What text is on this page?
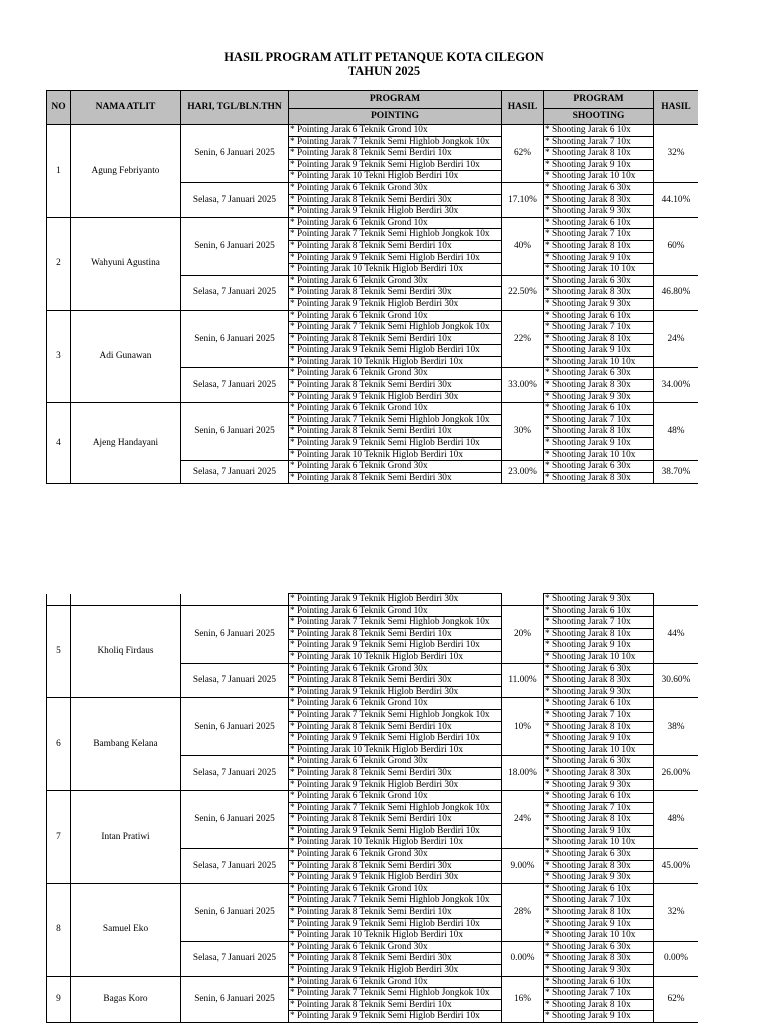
HASIL PROGRAM ATLIT PETANQUE KOTA CILEGON
TAHUN 2025
NO	NAMA ATLIT	HARI, TGL/BLN.THN	PROGRAM	HASIL	PROGRAM	HASIL
			POINTING		SHOOTING	
1	Agung Febriyanto	Senin, 6 Januari 2025	* Pointing Jarak 6 Teknik Grond 10x	62%	* Shooting Jarak 6 10x	32%
			* Pointing Jarak 7 Teknik Semi Highlob Jongkok 10x		* Shooting Jarak 7 10x	
			* Pointing Jarak 8 Teknik Semi Berdiri 10x		* Shooting Jarak 8 10x	
			* Pointing Jarak 9 Teknik Semi Higlob Berdiri 10x		* Shooting Jarak 9 10x	
			* Pointing Jarak 10 Tekni Higlob Berdiri 10x		* Shooting Jarak 10 10x	
		Selasa, 7 Januari 2025	* Pointing Jarak 6 Teknik Grond 30x	17.10%	* Shooting Jarak 6 30x	44.10%
			* Pointing Jarak 8 Teknik Semi Berdiri 30x		* Shooting Jarak 8 30x	
			* Pointing Jarak 9 Teknik Higlob Berdiri 30x		* Shooting Jarak 9 30x	
2	Wahyuni Agustina	Senin, 6 Januari 2025	* Pointing Jarak 6 Teknik Grond 10x	40%	* Shooting Jarak 6 10x	60%
			* Pointing Jarak 7 Teknik Semi Highlob Jongkok 10x		* Shooting Jarak 7 10x	
			* Pointing Jarak 8 Teknik Semi Berdiri 10x		* Shooting Jarak 8 10x	
			* Pointing Jarak 9 Teknik Semi Higlob Berdiri 10x		* Shooting Jarak 9 10x	
			* Pointing Jarak 10 Teknik Higlob Berdiri 10x		* Shooting Jarak 10 10x	
		Selasa, 7 Januari 2025	* Pointing Jarak 6 Teknik Grond 30x	22.50%	* Shooting Jarak 6 30x	46.80%
			* Pointing Jarak 8 Teknik Semi Berdiri 30x		* Shooting Jarak 8 30x	
			* Pointing Jarak 9 Teknik Higlob Berdiri 30x		* Shooting Jarak 9 30x	
3	Adi Gunawan	Senin, 6 Januari 2025	* Pointing Jarak 6 Teknik Grond 10x	22%	* Shooting Jarak 6 10x	24%
			* Pointing Jarak 7 Teknik Semi Highlob Jongkok 10x		* Shooting Jarak 7 10x	
			* Pointing Jarak 8 Teknik Semi Berdiri 10x		* Shooting Jarak 8 10x	
			* Pointing Jarak 9 Teknik Semi Higlob Berdiri 10x		* Shooting Jarak 9 10x	
			* Pointing Jarak 10 Teknik Higlob Berdiri 10x		* Shooting Jarak 10 10x	
		Selasa, 7 Januari 2025	* Pointing Jarak 6 Teknik Grond 30x	33.00%	* Shooting Jarak 6 30x	34.00%
			* Pointing Jarak 8 Teknik Semi Berdiri 30x		* Shooting Jarak 8 30x	
			* Pointing Jarak 9 Teknik Higlob Berdiri 30x		* Shooting Jarak 9 30x	
4	Ajeng Handayani	Senin, 6 Januari 2025	* Pointing Jarak 6 Teknik Grond 10x	30%	* Shooting Jarak 6 10x	48%
			* Pointing Jarak 7 Teknik Semi Highlob Jongkok 10x		* Shooting Jarak 7 10x	
			* Pointing Jarak 8 Teknik Semi Berdiri 10x		* Shooting Jarak 8 10x	
			* Pointing Jarak 9 Teknik Semi Higlob Berdiri 10x		* Shooting Jarak 9 10x	
			* Pointing Jarak 10 Teknik Higlob Berdiri 10x		* Shooting Jarak 10 10x	
		Selasa, 7 Januari 2025	* Pointing Jarak 6 Teknik Grond 30x	23.00%	* Shooting Jarak 6 30x	38.70%
			* Pointing Jarak 8 Teknik Semi Berdiri 30x		* Shooting Jarak 8 30x	
			* Pointing Jarak 9 Teknik Higlob Berdiri 30x		* Shooting Jarak 9 30x	
5	Kholiq Firdaus	Senin, 6 Januari 2025	* Pointing Jarak 6 Teknik Grond 10x	20%	* Shooting Jarak 6 10x	44%
			* Pointing Jarak 7 Teknik Semi Highlob Jongkok 10x		* Shooting Jarak 7 10x	
			* Pointing Jarak 8 Teknik Semi Berdiri 10x		* Shooting Jarak 8 10x	
			* Pointing Jarak 9 Teknik Semi Higlob Berdiri 10x		* Shooting Jarak 9 10x	
			* Pointing Jarak 10 Teknik Higlob Berdiri 10x		* Shooting Jarak 10 10x	
		Selasa, 7 Januari 2025	* Pointing Jarak 6 Teknik Grond 30x	11.00%	* Shooting Jarak 6 30x	30.60%
			* Pointing Jarak 8 Teknik Semi Berdiri 30x		* Shooting Jarak 8 30x	
			* Pointing Jarak 9 Teknik Higlob Berdiri 30x		* Shooting Jarak 9 30x	
6	Bambang Kelana	Senin, 6 Januari 2025	* Pointing Jarak 6 Teknik Grond 10x	10%	* Shooting Jarak 6 10x	38%
			* Pointing Jarak 7 Teknik Semi Highlob Jongkok 10x		* Shooting Jarak 7 10x	
			* Pointing Jarak 8 Teknik Semi Berdiri 10x		* Shooting Jarak 8 10x	
			* Pointing Jarak 9 Teknik Semi Higlob Berdiri 10x		* Shooting Jarak 9 10x	
			* Pointing Jarak 10 Teknik Higlob Berdiri 10x		* Shooting Jarak 10 10x	
		Selasa, 7 Januari 2025	* Pointing Jarak 6 Teknik Grond 30x	18.00%	* Shooting Jarak 6 30x	26.00%
			* Pointing Jarak 8 Teknik Semi Berdiri 30x		* Shooting Jarak 8 30x	
			* Pointing Jarak 9 Teknik Higlob Berdiri 30x		* Shooting Jarak 9 30x	
7	Intan Pratiwi	Senin, 6 Januari 2025	* Pointing Jarak 6 Teknik Grond 10x	24%	* Shooting Jarak 6 10x	48%
			* Pointing Jarak 7 Teknik Semi Highlob Jongkok 10x		* Shooting Jarak 7 10x	
			* Pointing Jarak 8 Teknik Semi Berdiri 10x		* Shooting Jarak 8 10x	
			* Pointing Jarak 9 Teknik Semi Higlob Berdiri 10x		* Shooting Jarak 9 10x	
			* Pointing Jarak 10 Teknik Higlob Berdiri 10x		* Shooting Jarak 10 10x	
		Selasa, 7 Januari 2025	* Pointing Jarak 6 Teknik Grond 30x	9.00%	* Shooting Jarak 6 30x	45.00%
			* Pointing Jarak 8 Teknik Semi Berdiri 30x		* Shooting Jarak 8 30x	
			* Pointing Jarak 9 Teknik Higlob Berdiri 30x		* Shooting Jarak 9 30x	
8	Samuel Eko	Senin, 6 Januari 2025	* Pointing Jarak 6 Teknik Grond 10x	28%	* Shooting Jarak 6 10x	32%
			* Pointing Jarak 7 Teknik Semi Highlob Jongkok 10x		* Shooting Jarak 7 10x	
			* Pointing Jarak 8 Teknik Semi Berdiri 10x		* Shooting Jarak 8 10x	
			* Pointing Jarak 9 Teknik Semi Higlob Berdiri 10x		* Shooting Jarak 9 10x	
			* Pointing Jarak 10 Teknik Higlob Berdiri 10x		* Shooting Jarak 10 10x	
		Selasa, 7 Januari 2025	* Pointing Jarak 6 Teknik Grond 30x	0.00%	* Shooting Jarak 6 30x	0.00%
			* Pointing Jarak 8 Teknik Semi Berdiri 30x		* Shooting Jarak 8 30x	
			* Pointing Jarak 9 Teknik Higlob Berdiri 30x		* Shooting Jarak 9 30x	
9	Bagas Koro	Senin, 6 Januari 2025	* Pointing Jarak 6 Teknik Grond 10x	16%	* Shooting Jarak 6 10x	62%
			* Pointing Jarak 7 Teknik Semi Highlob Jongkok 10x		* Shooting Jarak 7 10x	
			* Pointing Jarak 8 Teknik Semi Berdiri 10x		* Shooting Jarak 8 10x	
			* Pointing Jarak 9 Teknik Semi Higlob Berdiri 10x		* Shooting Jarak 9 10x	
